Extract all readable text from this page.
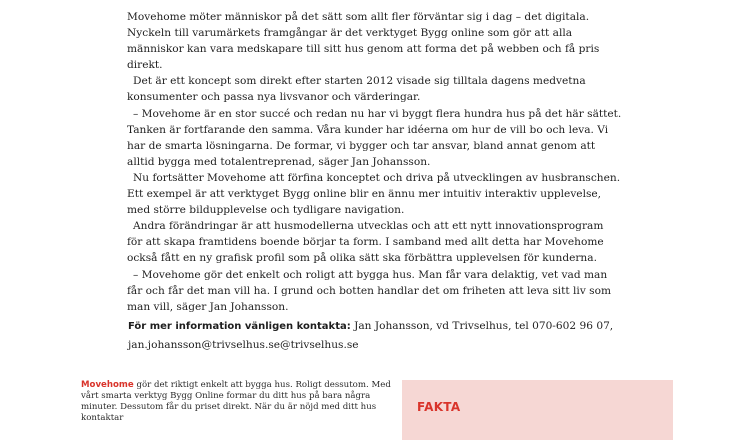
Movehome möter människor på det sätt som allt fler förväntar sig i dag – det digitala. Nyckeln till varumärkets framgångar är det verktyget Bygg online som gör att alla människor kan vara medskapare till sitt hus genom att forma det på webben och få pris direkt.

Det är ett koncept som direkt efter starten 2012 visade sig tilltala dagens medvetna konsumenter och passa nya livsvanor och värderingar.

– Movehome är en stor succé och redan nu har vi byggt flera hundra hus på det här sättet. Tanken är fortfarande den samma. Våra kunder har idéerna om hur de vill bo och leva. Vi har de smarta lösningarna. De formar, vi bygger och tar ansvar, bland annat genom att alltid bygga med totalentreprenad, säger Jan Johansson.

Nu fortsätter Movehome att förfina konceptet och driva på utvecklingen av husbranschen. Ett exempel är att verktyget Bygg online blir en ännu mer intuitiv interaktiv upplevelse, med större bildupplevelse och tydligare navigation.

Andra förändringar är att husmodellerna utvecklas och att ett nytt innovationsprogram för att skapa framtidens boende börjar ta form. I samband med allt detta har Movehome också fått en ny grafisk profil som på olika sätt ska förbättra upplevelsen för kunderna.

– Movehome gör det enkelt och roligt att bygga hus. Man får vara delaktig, vet vad man får och får det man vill ha. I grund och botten handlar det om friheten att leva sitt liv som man vill, säger Jan Johansson.

För mer information vänligen kontakta: Jan Johansson, vd Trivselhus, tel 070-602 96 07,
jan.johansson@trivselhus.se@trivselhus.se
Movehome gör det riktigt enkelt att bygga hus. Roligt dessutom. Med vårt smarta verktyg Bygg Online formar du ditt hus på bara några minuter. Dessutom får du priset direkt. När du är nöjd med ditt hus kontaktar
FAKTA
